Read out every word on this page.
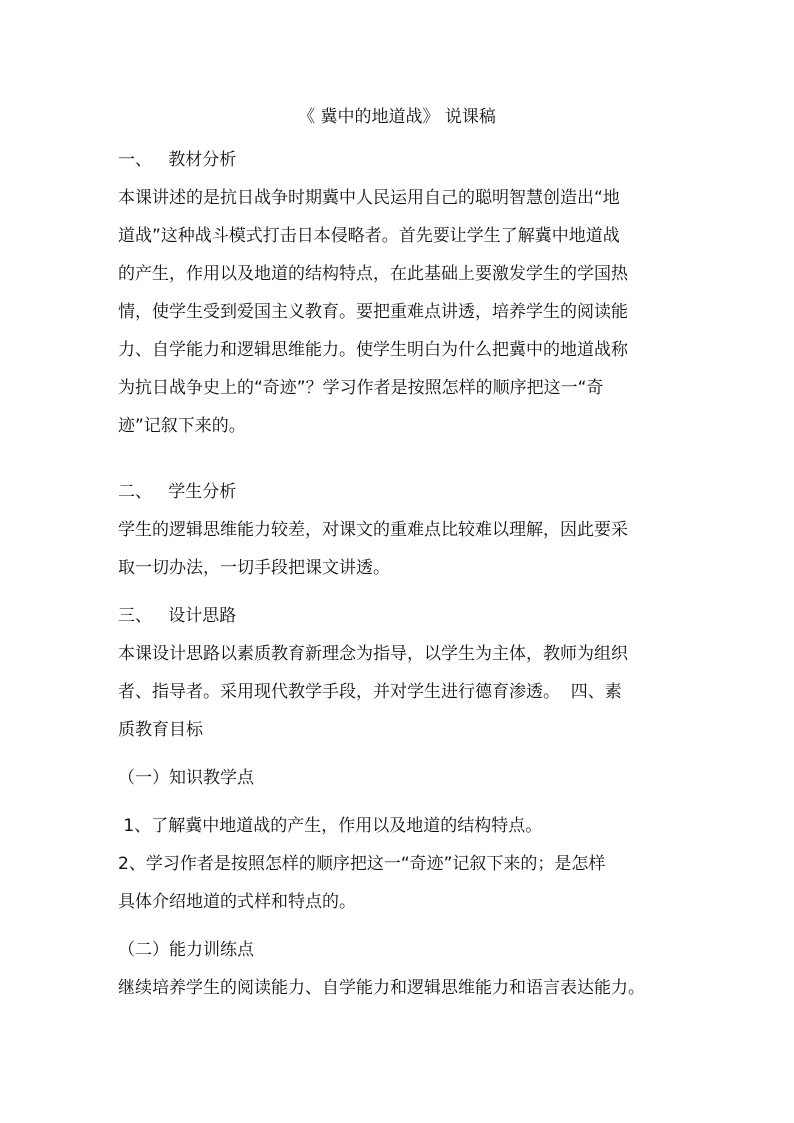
《 冀中的地道战》 说课稿
一、   教材分析
本课讲述的是抗日战争时期冀中人民运用自己的聪明智慧创造出“地
道战”这种战斗模式打击日本侵略者。首先要让学生了解冀中地道战
的产生，作用以及地道的结构特点，在此基础上要激发学生的学国热
情，使学生受到爱国主义教育。要把重难点讲透，培养学生的阅读能
力、自学能力和逻辑思维能力。使学生明白为什么把冀中的地道战称
为抗日战争史上的“奇迹”？学习作者是按照怎样的顺序把这一“奇
迹”记叙下来的。
二、   学生分析
学生的逻辑思维能力较差，对课文的重难点比较难以理解，因此要采
取一切办法，一切手段把课文讲透。
三、   设计思路
本课设计思路以素质教育新理念为指导，以学生为主体，教师为组织
者、指导者。采用现代教学手段，并对学生进行德育渗透。  四、素
质教育目标
（一）知识教学点
1、了解冀中地道战的产生，作用以及地道的结构特点。
2、学习作者是按照怎样的顺序把这一“奇迹”记叙下来的；是怎样
具体介绍地道的式样和特点的。
（二）能力训练点
继续培养学生的阅读能力、自学能力和逻辑思维能力和语言表达能力。
